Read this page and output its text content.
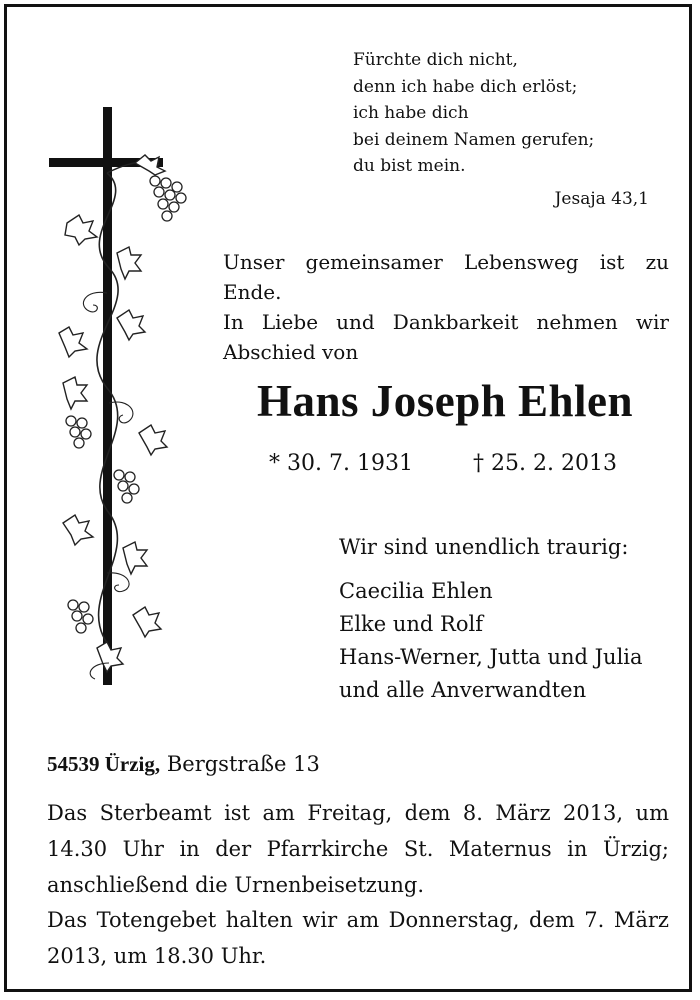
Fürchte dich nicht,
denn ich habe dich erlöst;
ich habe dich
bei deinem Namen gerufen;
du bist mein.
Jesaja 43,1

Unser gemeinsamer Lebensweg ist zu Ende.

In Liebe und Dankbarkeit nehmen wir

Abschied von

Hans Joseph Ehlen
* 30. 7. 1931	† 25. 2. 2013
Wir sind unendlich traurig:
Caecilia Ehlen
Elke und Rolf
Hans-Werner, Jutta und Julia
und alle Anverwandten
54539 Ürzig, Bergstraße 13

Das Sterbeamt ist am Freitag, dem 8. März 2013, um 14.30 Uhr in der Pfarrkirche St. Maternus in Ürzig; anschließend die Urnenbeisetzung.

Das Totengebet halten wir am Donnerstag, dem 7. März 2013, um 18.30 Uhr.
